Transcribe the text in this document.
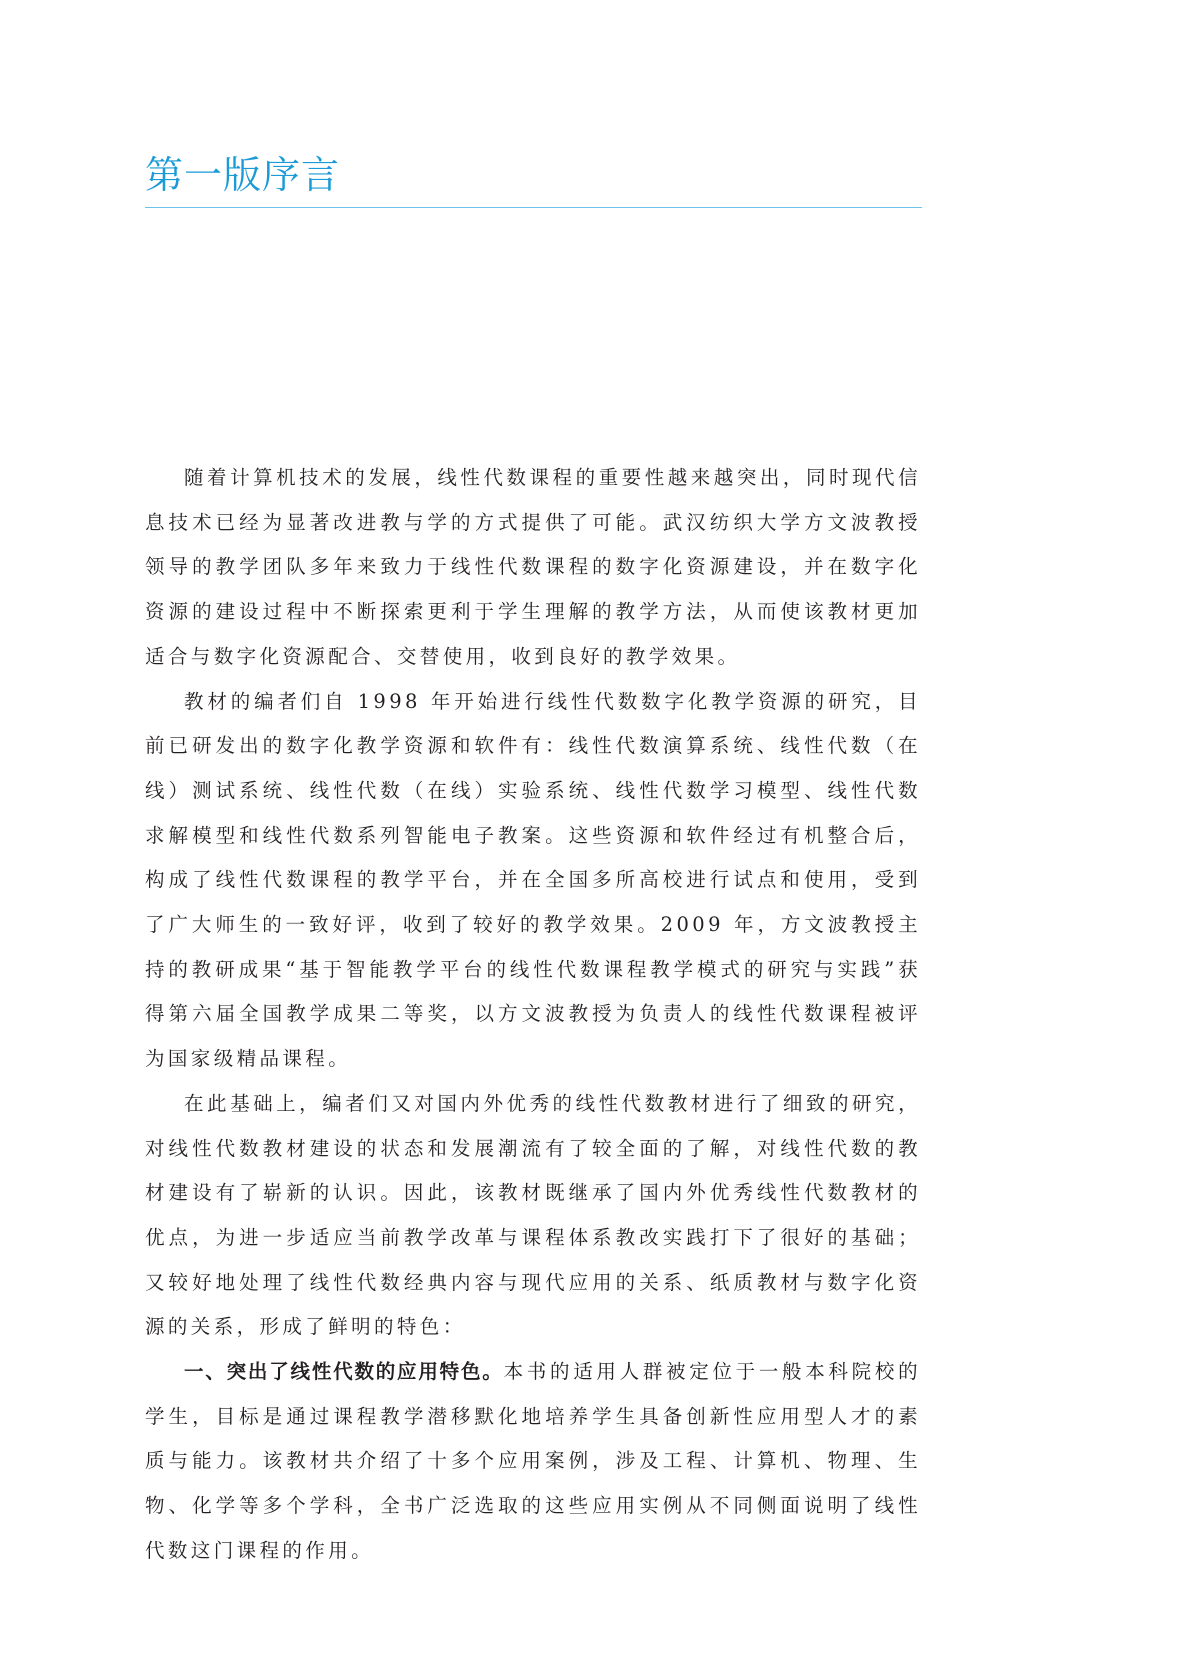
第一版序言

随着计算机技术的发展，线性代数课程的重要性越来越突出，同时现代信息技术已经为显著改进教与学的方式提供了可能。武汉纺织大学方文波教授领导的教学团队多年来致力于线性代数课程的数字化资源建设，并在数字化资源的建设过程中不断探索更利于学生理解的教学方法，从而使该教材更加适合与数字化资源配合、交替使用，收到良好的教学效果。

教材的编者们自 1998 年开始进行线性代数数字化教学资源的研究，目前已研发出的数字化教学资源和软件有：线性代数演算系统、线性代数（在线）测试系统、线性代数（在线）实验系统、线性代数学习模型、线性代数求解模型和线性代数系列智能电子教案。这些资源和软件经过有机整合后，构成了线性代数课程的教学平台，并在全国多所高校进行试点和使用，受到了广大师生的一致好评，收到了较好的教学效果。2009 年，方文波教授主持的教研成果“基于智能教学平台的线性代数课程教学模式的研究与实践”获得第六届全国教学成果二等奖，以方文波教授为负责人的线性代数课程被评为国家级精品课程。

在此基础上，编者们又对国内外优秀的线性代数教材进行了细致的研究，对线性代数教材建设的状态和发展潮流有了较全面的了解，对线性代数的教材建设有了崭新的认识。因此，该教材既继承了国内外优秀线性代数教材的优点，为进一步适应当前教学改革与课程体系教改实践打下了很好的基础；又较好地处理了线性代数经典内容与现代应用的关系、纸质教材与数字化资源的关系，形成了鲜明的特色：

一、突出了线性代数的应用特色。本书的适用人群被定位于一般本科院校的学生，目标是通过课程教学潜移默化地培养学生具备创新性应用型人才的素质与能力。该教材共介绍了十多个应用案例，涉及工程、计算机、物理、生物、化学等多个学科，全书广泛选取的这些应用实例从不同侧面说明了线性代数这门课程的作用。
